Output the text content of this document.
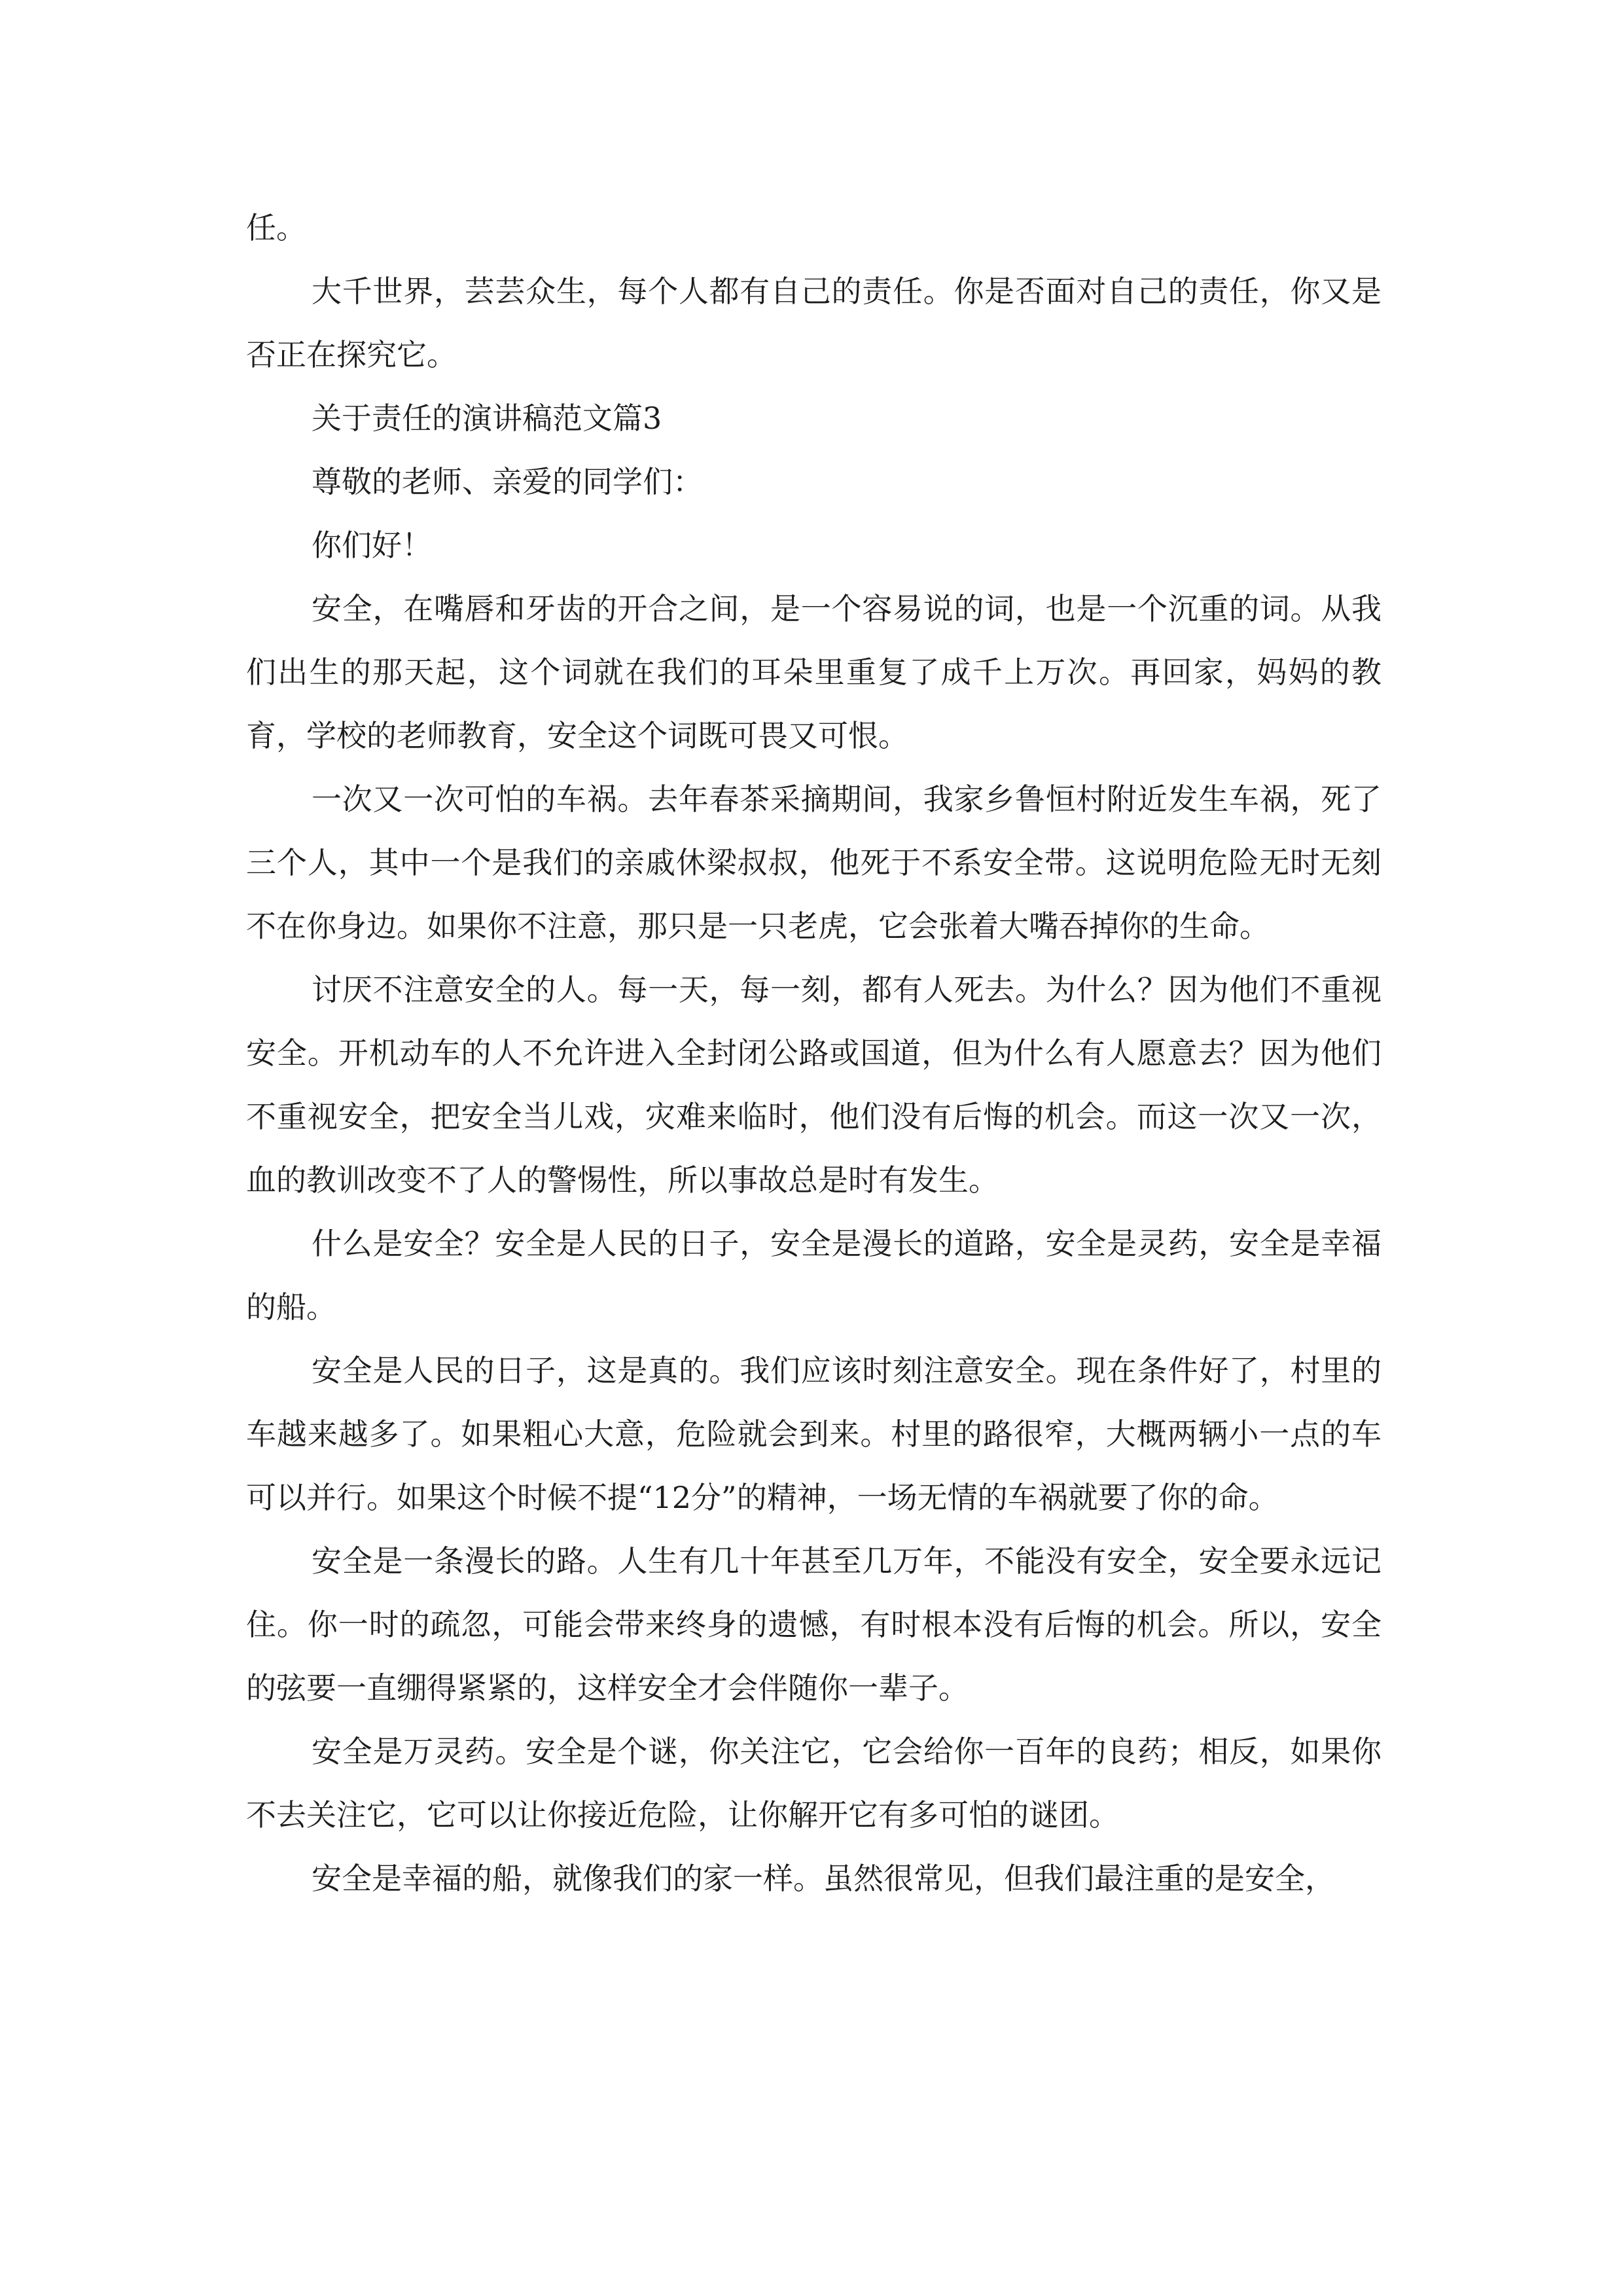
任。

大千世界，芸芸众生，每个人都有自己的责任。你是否面对自己的责任，你又是否正在探究它。

关于责任的演讲稿范文篇3

尊敬的老师、亲爱的同学们：

你们好！

安全，在嘴唇和牙齿的开合之间，是一个容易说的词，也是一个沉重的词。从我们出生的那天起，这个词就在我们的耳朵里重复了成千上万次。再回家，妈妈的教育，学校的老师教育，安全这个词既可畏又可恨。

一次又一次可怕的车祸。去年春茶采摘期间，我家乡鲁恒村附近发生车祸，死了三个人，其中一个是我们的亲戚休梁叔叔，他死于不系安全带。这说明危险无时无刻不在你身边。如果你不注意，那只是一只老虎，它会张着大嘴吞掉你的生命。

讨厌不注意安全的人。每一天，每一刻，都有人死去。为什么？因为他们不重视安全。开机动车的人不允许进入全封闭公路或国道，但为什么有人愿意去？因为他们不重视安全，把安全当儿戏，灾难来临时，他们没有后悔的机会。而这一次又一次，血的教训改变不了人的警惕性，所以事故总是时有发生。

什么是安全？安全是人民的日子，安全是漫长的道路，安全是灵药，安全是幸福的船。

安全是人民的日子，这是真的。我们应该时刻注意安全。现在条件好了，村里的车越来越多了。如果粗心大意，危险就会到来。村里的路很窄，大概两辆小一点的车可以并行。如果这个时候不提“12分”的精神，一场无情的车祸就要了你的命。

安全是一条漫长的路。人生有几十年甚至几万年，不能没有安全，安全要永远记住。你一时的疏忽，可能会带来终身的遗憾，有时根本没有后悔的机会。所以，安全的弦要一直绷得紧紧的，这样安全才会伴随你一辈子。

安全是万灵药。安全是个谜，你关注它，它会给你一百年的良药；相反，如果你不去关注它，它可以让你接近危险，让你解开它有多可怕的谜团。

安全是幸福的船，就像我们的家一样。虽然很常见，但我们最注重的是安全，
